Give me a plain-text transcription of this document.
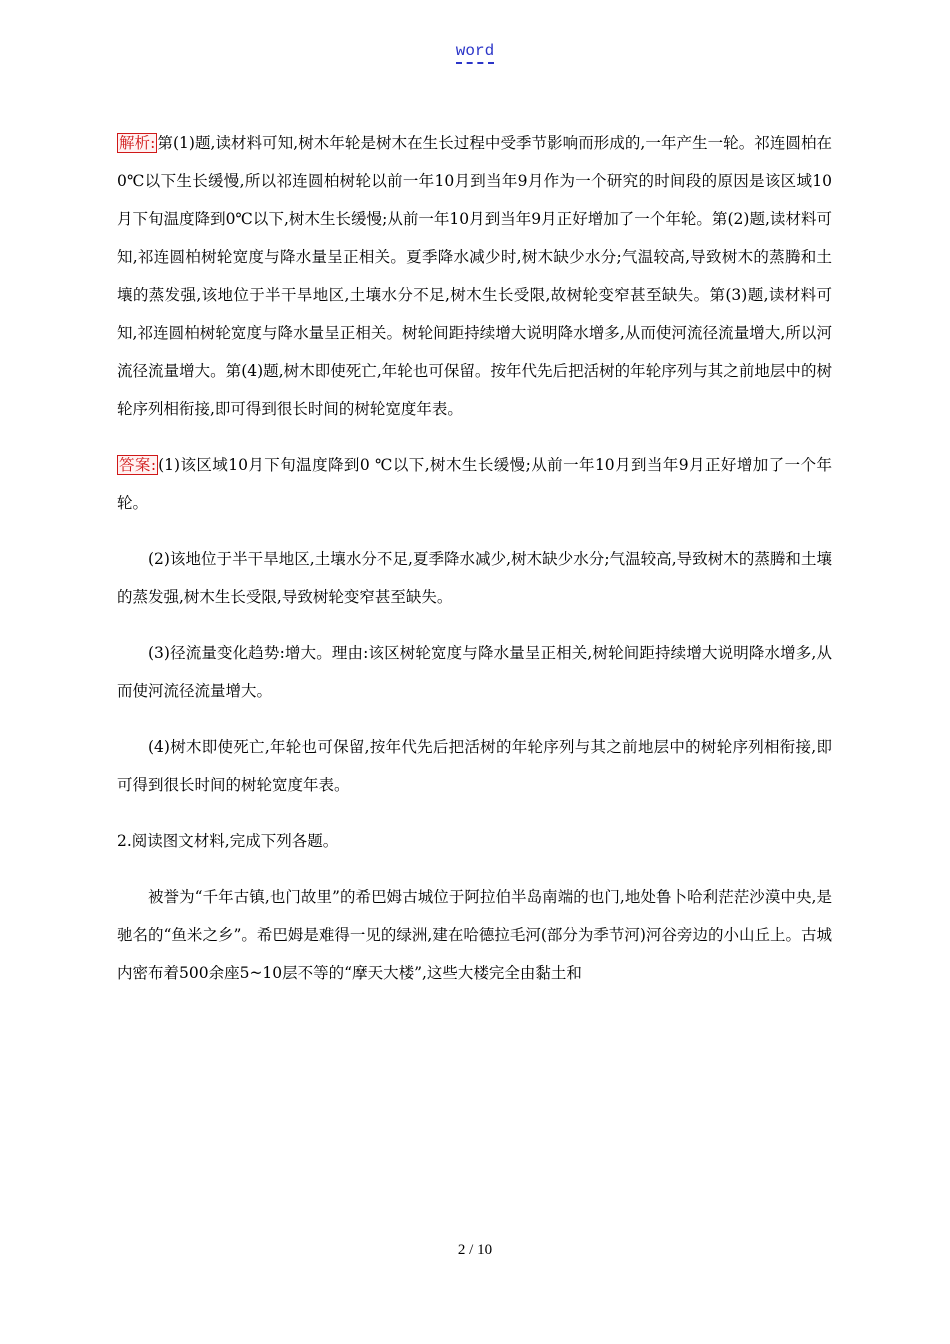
word

解析: 第(1)题,读材料可知,树木年轮是树木在生长过程中受季节影响而形成的,一年产生一轮。祁连圆柏在0℃以下生长缓慢,所以祁连圆柏树轮以前一年10月到当年9月作为一个研究的时间段的原因是该区域10月下旬温度降到0℃以下,树木生长缓慢;从前一年10月到当年9月正好增加了一个年轮。第(2)题,读材料可知,祁连圆柏树轮宽度与降水量呈正相关。夏季降水减少时,树木缺少水分;气温较高,导致树木的蒸腾和土壤的蒸发强,该地位于半干旱地区,土壤水分不足,树木生长受限,故树轮变窄甚至缺失。第(3)题,读材料可知,祁连圆柏树轮宽度与降水量呈正相关。树轮间距持续增大说明降水增多,从而使河流径流量增大,所以河流径流量增大。第(4)题,树木即使死亡,年轮也可保留。按年代先后把活树的年轮序列与其之前地层中的树轮序列相衔接,即可得到很长时间的树轮宽度年表。

答案: (1)该区域10月下旬温度降到0 ℃以下,树木生长缓慢;从前一年10月到当年9月正好增加了一个年轮。

(2)该地位于半干旱地区,土壤水分不足,夏季降水减少,树木缺少水分;气温较高,导致树木的蒸腾和土壤的蒸发强,树木生长受限,导致树轮变窄甚至缺失。

(3)径流量变化趋势:增大。理由:该区树轮宽度与降水量呈正相关,树轮间距持续增大说明降水增多,从而使河流径流量增大。

(4)树木即使死亡,年轮也可保留,按年代先后把活树的年轮序列与其之前地层中的树轮序列相衔接,即可得到很长时间的树轮宽度年表。

2.阅读图文材料,完成下列各题。

被誉为“千年古镇,也门故里”的希巴姆古城位于阿拉伯半岛南端的也门,地处鲁卜哈利茫茫沙漠中央,是驰名的“鱼米之乡”。希巴姆是难得一见的绿洲,建在哈德拉毛河(部分为季节河)河谷旁边的小山丘上。古城内密布着500余座5~10层不等的“摩天大楼”,这些大楼完全由黏土和

2 / 10
